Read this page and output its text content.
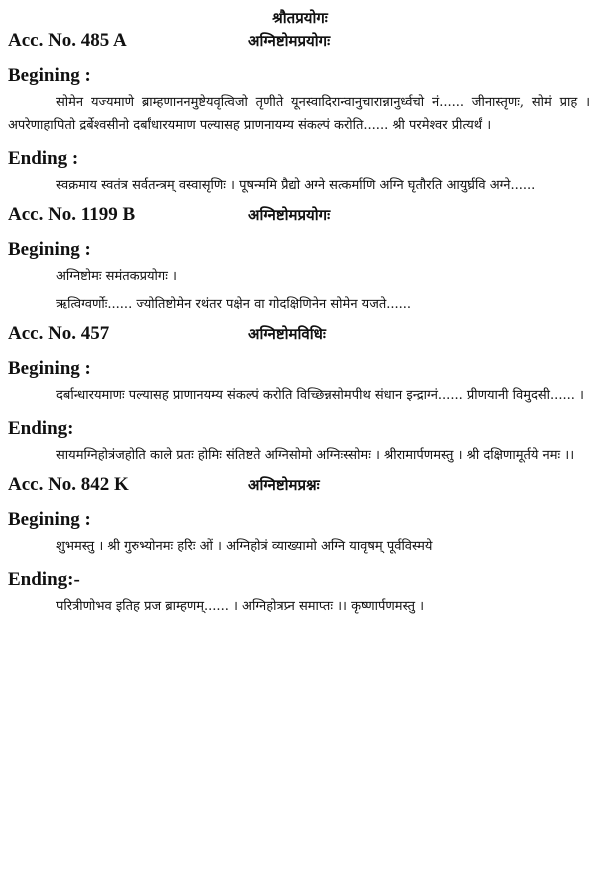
श्रौतप्रयोगः
Acc. No. 485 A	अग्निष्टोमप्रयोगः
Begining :

सोमेन यज्यमाणे ब्राम्हणाननमुष्टेयवृत्विजो तृणीते यूनस्वादिरान्वानुचारान्नानुर्ध्वचो नं...... जीनास्तृणः, सोमं प्राह । अपरेणाहापितो द्रर्बेश्वसीनो दर्बांधारयमाण पल्यासह प्राणनायम्य संकल्पं करोति...... श्री परमेश्वर प्रीत्यर्थं ।

Ending :

स्वक्रमाय स्वतंत्र सर्वतन्त्रम् वस्वासृणिः । पूषन्ममि प्रैद्यो अग्ने सत्कर्माणि अग्नि घृतौरति आयुर्घ्रवि अग्ने......

Acc. No. 1199 B	अग्निष्टोमप्रयोगः
Begining :

अग्निष्टोमः समंतकप्रयोगः ।

ऋत्विग्वर्णोः...... ज्योतिष्टोमेन रथंतर पक्षेन वा गोदक्षिणिनेन सोमेन यजते......

Acc. No. 457	अग्निष्टोमविधिः
Begining :

दर्बान्धारयमाणः पल्यासह प्राणानयम्य संकल्पं करोति विच्छिन्नसोमपीथ संधान इन्द्राग्नं...... प्रीणयानी विमुदसी...... ।

Ending:

सायमग्निहोत्रंजहोति काले प्रतः होमिः संतिष्टते अग्निसोमो अग्निःस्सोमः । श्रीरामार्पणमस्तु । श्री दक्षिणामूर्तये नमः ।।

Acc. No. 842 K	अग्निष्टोमप्रश्नः
Begining :

शुभमस्तु । श्री गुरुभ्योनमः हरिः ओं । अग्निहोत्रं व्याख्यामो अग्नि यावृषम् पूर्वविस्मये

Ending:-

परित्रीणोभव इतिह प्रज ब्राम्हणम्...... । अग्निहोत्रप्र्न समाप्तः ।। कृष्णार्पणमस्तु ।
